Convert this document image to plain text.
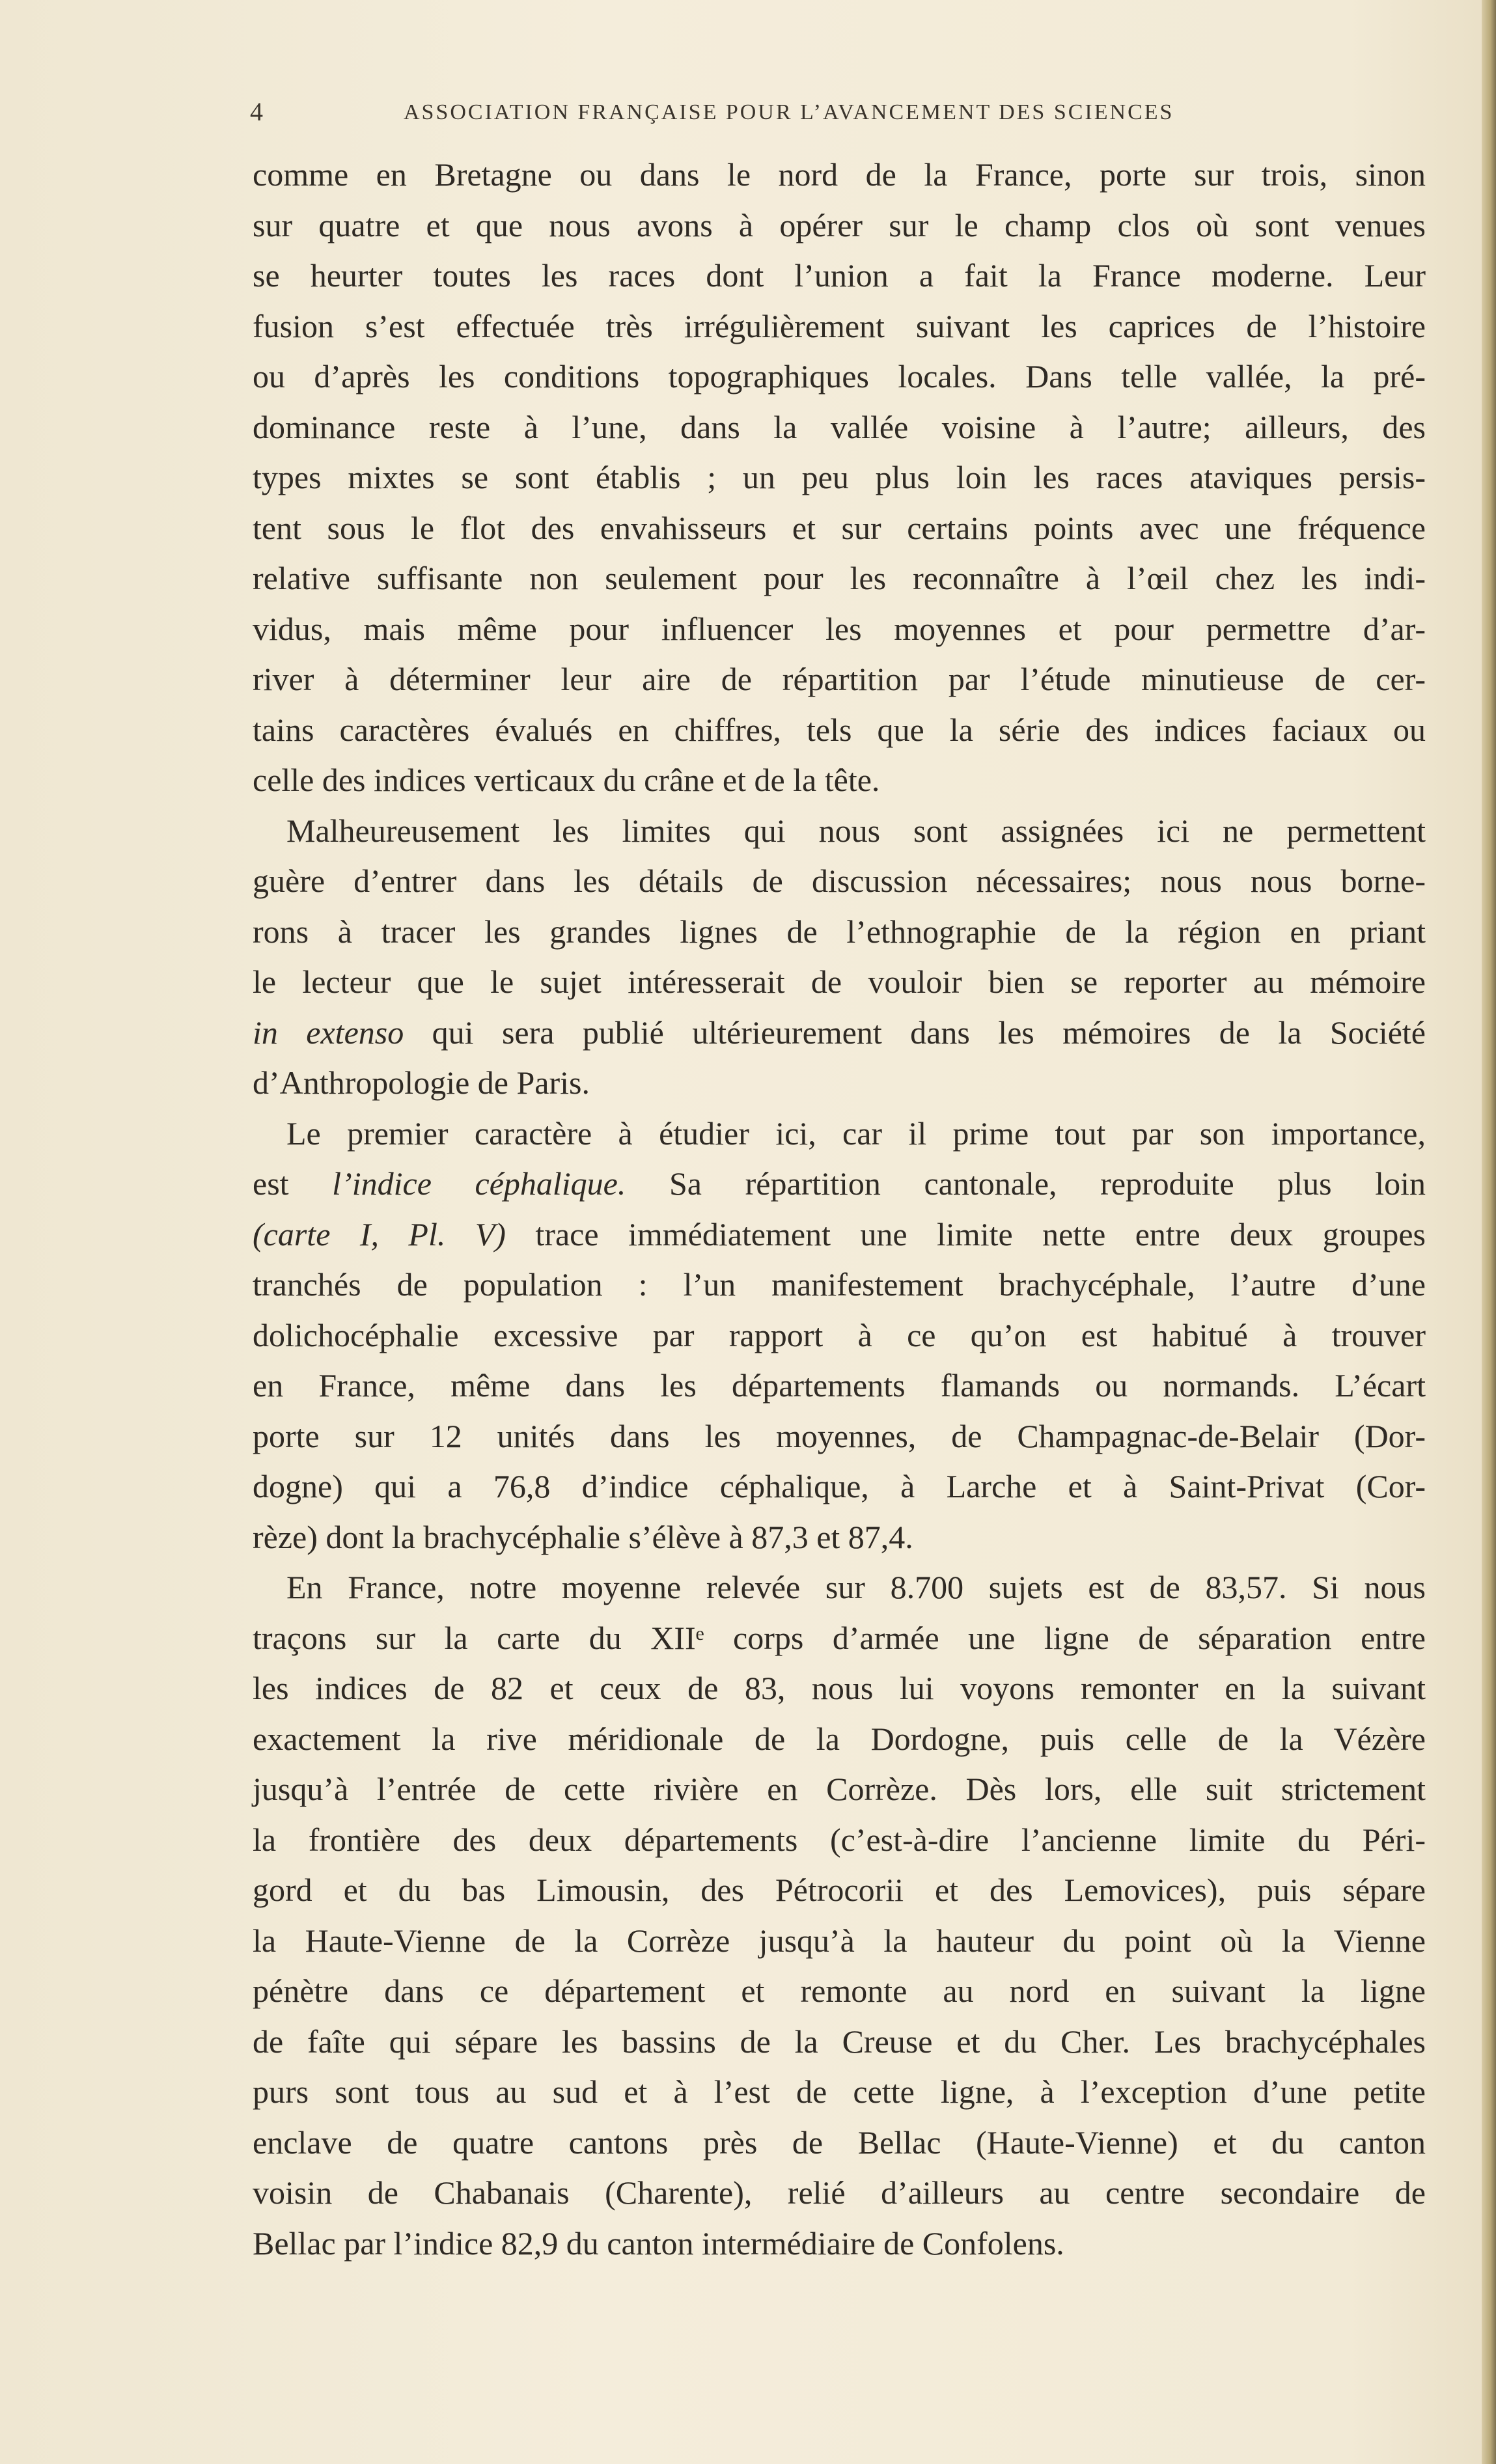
4	ASSOCIATION FRANÇAISE POUR L’AVANCEMENT DES SCIENCES
comme en Bretagne ou dans le nord de la France, porte sur trois, sinon
sur quatre et que nous avons à opérer sur le champ clos où sont venues
se heurter toutes les races dont l’union a fait la France moderne. Leur
fusion s’est effectuée très irrégulièrement suivant les caprices de l’histoire
ou d’après les conditions topographiques locales. Dans telle vallée, la pré-
dominance reste à l’une, dans la vallée voisine à l’autre; ailleurs, des
types mixtes se sont établis ; un peu plus loin les races ataviques persis-
tent sous le flot des envahisseurs et sur certains points avec une fréquence
relative suffisante non seulement pour les reconnaître à l’œil chez les indi-
vidus, mais même pour influencer les moyennes et pour permettre d’ar-
river à déterminer leur aire de répartition par l’étude minutieuse de cer-
tains caractères évalués en chiffres, tels que la série des indices faciaux ou
celle des indices verticaux du crâne et de la tête.
Malheureusement les limites qui nous sont assignées ici ne permettent
guère d’entrer dans les détails de discussion nécessaires; nous nous borne-
rons à tracer les grandes lignes de l’ethnographie de la région en priant
le lecteur que le sujet intéresserait de vouloir bien se reporter au mémoire
in extenso qui sera publié ultérieurement dans les mémoires de la Société
d’Anthropologie de Paris.
Le premier caractère à étudier ici, car il prime tout par son importance,
est l’indice céphalique. Sa répartition cantonale, reproduite plus loin
(carte I, Pl. V) trace immédiatement une limite nette entre deux groupes
tranchés de population : l’un manifestement brachycéphale, l’autre d’une
dolichocéphalie excessive par rapport à ce qu’on est habitué à trouver
en France, même dans les départements flamands ou normands. L’écart
porte sur 12 unités dans les moyennes, de Champagnac-de-Belair (Dor-
dogne) qui a 76,8 d’indice céphalique, à Larche et à Saint-Privat (Cor-
rèze) dont la brachycéphalie s’élève à 87,3 et 87,4.
En France, notre moyenne relevée sur 8.700 sujets est de 83,57. Si nous
traçons sur la carte du XIIᵉ corps d’armée une ligne de séparation entre
les indices de 82 et ceux de 83, nous lui voyons remonter en la suivant
exactement la rive méridionale de la Dordogne, puis celle de la Vézère
jusqu’à l’entrée de cette rivière en Corrèze. Dès lors, elle suit strictement
la frontière des deux départements (c’est-à-dire l’ancienne limite du Péri-
gord et du bas Limousin, des Pétrocorii et des Lemovices), puis sépare
la Haute-Vienne de la Corrèze jusqu’à la hauteur du point où la Vienne
pénètre dans ce département et remonte au nord en suivant la ligne
de faîte qui sépare les bassins de la Creuse et du Cher. Les brachycéphales
purs sont tous au sud et à l’est de cette ligne, à l’exception d’une petite
enclave de quatre cantons près de Bellac (Haute-Vienne) et du canton
voisin de Chabanais (Charente), relié d’ailleurs au centre secondaire de
Bellac par l’indice 82,9 du canton intermédiaire de Confolens.
